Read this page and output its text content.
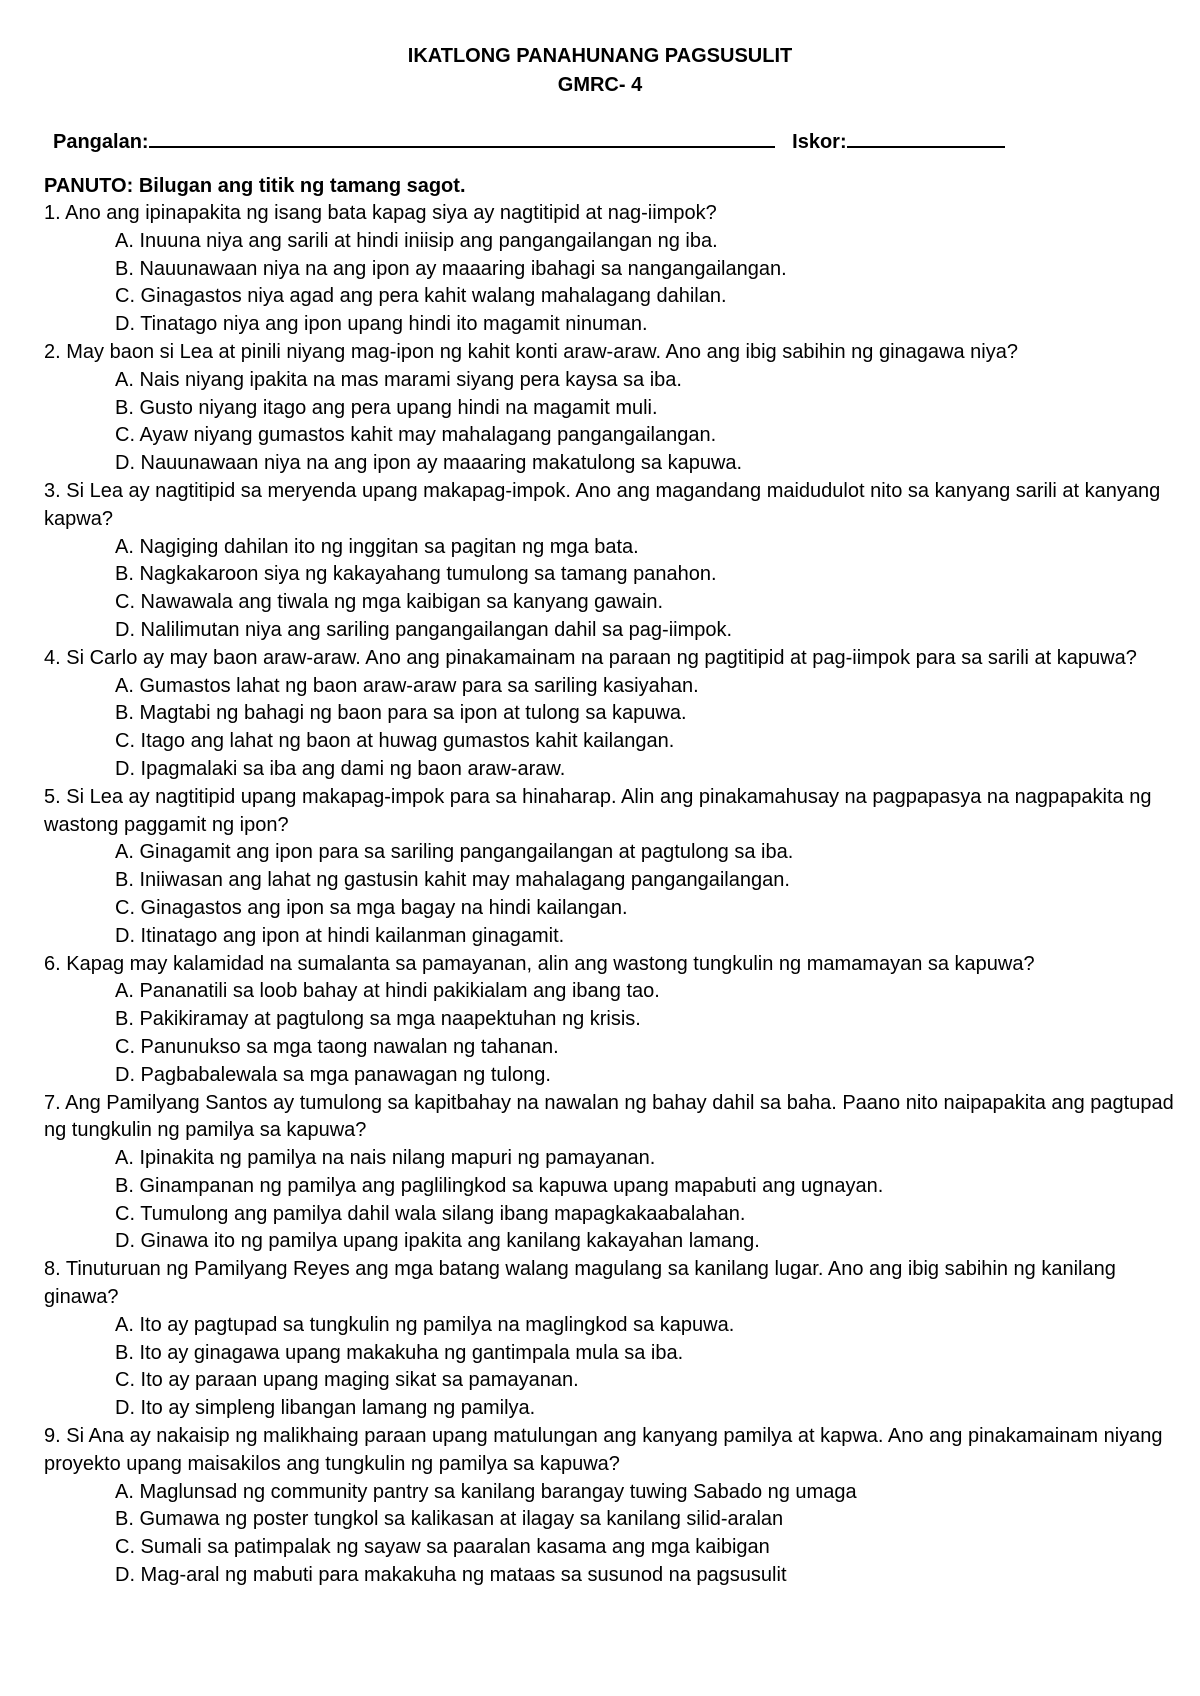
IKATLONG PANAHUNANG PAGSUSULIT
GMRC- 4
Pangalan:	Iskor:
PANUTO: Bilugan ang titik ng tamang sagot.
1. Ano ang ipinapakita ng isang bata kapag siya ay nagtitipid at nag-iimpok?
A. Inuuna niya ang sarili at hindi iniisip ang pangangailangan ng iba.
B. Nauunawaan niya na ang ipon ay maaaring ibahagi sa nangangailangan.
C. Ginagastos niya agad ang pera kahit walang mahalagang dahilan.
D. Tinatago niya ang ipon upang hindi ito magamit ninuman.
2. May baon si Lea at pinili niyang mag-ipon ng kahit konti araw-araw. Ano ang ibig sabihin ng ginagawa niya?
A. Nais niyang ipakita na mas marami siyang pera kaysa sa iba.
B. Gusto niyang itago ang pera upang hindi na magamit muli.
C. Ayaw niyang gumastos kahit may mahalagang pangangailangan.
D. Nauunawaan niya na ang ipon ay maaaring makatulong sa kapuwa.
3. Si Lea ay nagtitipid sa meryenda upang makapag-impok. Ano ang magandang maidudulot nito sa kanyang sarili at kanyang kapwa?
A. Nagiging dahilan ito ng inggitan sa pagitan ng mga bata.
B. Nagkakaroon siya ng kakayahang tumulong sa tamang panahon.
C. Nawawala ang tiwala ng mga kaibigan sa kanyang gawain.
D. Nalilimutan niya ang sariling pangangailangan dahil sa pag-iimpok.
4. Si Carlo ay may baon araw-araw. Ano ang pinakamainam na paraan ng pagtitipid at pag-iimpok para sa sarili at kapuwa?
A. Gumastos lahat ng baon araw-araw para sa sariling kasiyahan.
B. Magtabi ng bahagi ng baon para sa ipon at tulong sa kapuwa.
C. Itago ang lahat ng baon at huwag gumastos kahit kailangan.
D. Ipagmalaki sa iba ang dami ng baon araw-araw.
5. Si Lea ay nagtitipid upang makapag-impok para sa hinaharap. Alin ang pinakamahusay na pagpapasya na nagpapakita ng wastong paggamit ng ipon?
A. Ginagamit ang ipon para sa sariling pangangailangan at pagtulong sa iba.
B. Iniiwasan ang lahat ng gastusin kahit may mahalagang pangangailangan.
C. Ginagastos ang ipon sa mga bagay na hindi kailangan.
D. Itinatago ang ipon at hindi kailanman ginagamit.
6. Kapag may kalamidad na sumalanta sa pamayanan, alin ang wastong tungkulin ng mamamayan sa kapuwa?
A. Pananatili sa loob bahay at hindi pakikialam ang ibang tao.
B. Pakikiramay at pagtulong sa mga naapektuhan ng krisis.
C. Panunukso sa mga taong nawalan ng tahanan.
D. Pagbabalewala sa mga panawagan ng tulong.
7. Ang Pamilyang Santos ay tumulong sa kapitbahay na nawalan ng bahay dahil sa baha. Paano nito naipapakita ang pagtupad ng tungkulin ng pamilya sa kapuwa?
A. Ipinakita ng pamilya na nais nilang mapuri ng pamayanan.
B. Ginampanan ng pamilya ang paglilingkod sa kapuwa upang mapabuti ang ugnayan.
C. Tumulong ang pamilya dahil wala silang ibang mapagkakaabalahan.
D. Ginawa ito ng pamilya upang ipakita ang kanilang kakayahan lamang.
8. Tinuturuan ng Pamilyang Reyes ang mga batang walang magulang sa kanilang lugar. Ano ang ibig sabihin ng kanilang ginawa?
A. Ito ay pagtupad sa tungkulin ng pamilya na maglingkod sa kapuwa.
B. Ito ay ginagawa upang makakuha ng gantimpala mula sa iba.
C. Ito ay paraan upang maging sikat sa pamayanan.
D. Ito ay simpleng libangan lamang ng pamilya.
9. Si Ana ay nakaisip ng malikhaing paraan upang matulungan ang kanyang pamilya at kapwa. Ano ang pinakamainam niyang proyekto upang maisakilos ang tungkulin ng pamilya sa kapuwa?
A. Maglunsad ng community pantry sa kanilang barangay tuwing Sabado ng umaga
B. Gumawa ng poster tungkol sa kalikasan at ilagay sa kanilang silid-aralan
C. Sumali sa patimpalak ng sayaw sa paaralan kasama ang mga kaibigan
D. Mag-aral ng mabuti para makakuha ng mataas sa susunod na pagsusulit
